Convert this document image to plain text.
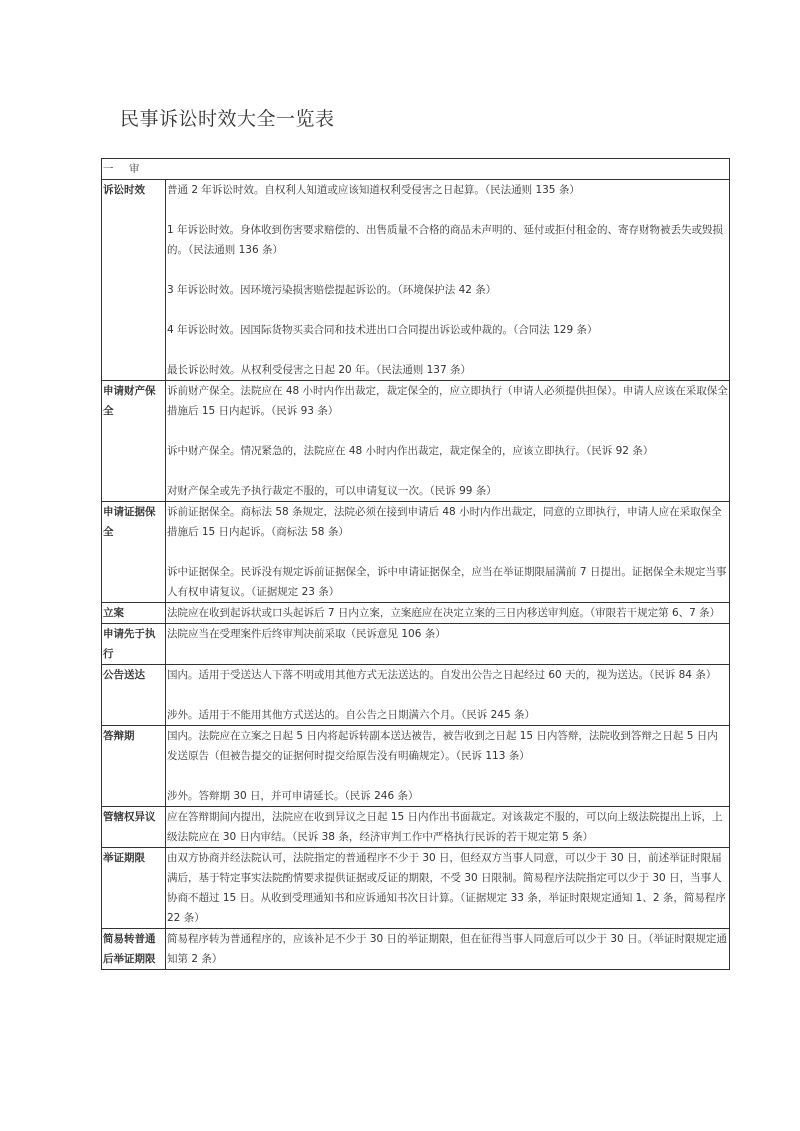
民事诉讼时效大全一览表
一 审	
诉讼时效	普通 2 年诉讼时效。自权利人知道或应该知道权利受侵害之日起算。（民法通则 135 条）
1 年诉讼时效。身体收到伤害要求赔偿的、出售质量不合格的商品未声明的、延付或拒付租金的、寄存财物被丢失或毁损的。（民法通则 136 条）
3 年诉讼时效。因环境污染损害赔偿提起诉讼的。（环境保护法 42 条）
4 年诉讼时效。因国际货物买卖合同和技术进出口合同提出诉讼或仲裁的。（合同法 129 条）
最长诉讼时效。从权利受侵害之日起 20 年。（民法通则 137 条）

申请财产保全	诉前财产保全。法院应在 48 小时内作出裁定，裁定保全的，应立即执行（申请人必须提供担保）。申请人应该在采取保全措施后 15 日内起诉。（民诉 93 条）
诉中财产保全。情况紧急的，法院应在 48 小时内作出裁定，裁定保全的，应该立即执行。（民诉 92 条）
对财产保全或先予执行裁定不服的，可以申请复议一次。（民诉 99 条）

申请证据保全	诉前证据保全。商标法 58 条规定，法院必须在接到申请后 48 小时内作出裁定，同意的立即执行，申请人应在采取保全措施后 15 日内起诉。（商标法 58 条）
诉中证据保全。民诉没有规定诉前证据保全，诉中申请证据保全，应当在举证期限届满前 7 日提出。证据保全未规定当事人有权申请复议。（证据规定 23 条）

立案	法院应在收到起诉状或口头起诉后 7 日内立案，立案庭应在决定立案的三日内移送审判庭。（审限若干规定第 6、7 条）

申请先于执行	法院应当在受理案件后终审判决前采取（民诉意见 106 条）

公告送达	国内。适用于受送达人下落不明或用其他方式无法送达的。自发出公告之日起经过 60 天的，视为送达。（民诉 84 条）
涉外。适用于不能用其他方式送达的。自公告之日期满六个月。（民诉 245 条）

答辩期	国内。法院应在立案之日起 5 日内将起诉转副本送达被告，被告收到之日起 15 日内答辩，法院收到答辩之日起 5 日内发送原告（但被告提交的证据何时提交给原告没有明确规定）。（民诉 113 条）
涉外。答辩期 30 日，并可申请延长。（民诉 246 条）

管辖权异议	应在答辩期间内提出，法院应在收到异议之日起 15 日内作出书面裁定。对该裁定不服的，可以向上级法院提出上诉，上级法院应在 30 日内审结。（民诉 38 条，经济审判工作中严格执行民诉的若干规定第 5 条）

举证期限	由双方协商并经法院认可，法院指定的普通程序不少于 30 日，但经双方当事人同意，可以少于 30 日，前述举证时限届满后，基于特定事实法院酌情要求提供证据或反证的期限，不受 30 日限制。简易程序法院指定可以少于 30 日，当事人协商不超过 15 日。从收到受理通知书和应诉通知书次日计算。（证据规定 33 条，举证时限规定通知 1、2 条，简易程序 22 条）

简易转普通后举证期限	简易程序转为普通程序的，应该补足不少于 30 日的举证期限，但在征得当事人同意后可以少于 30 日。（举证时限规定通知第 2 条）
